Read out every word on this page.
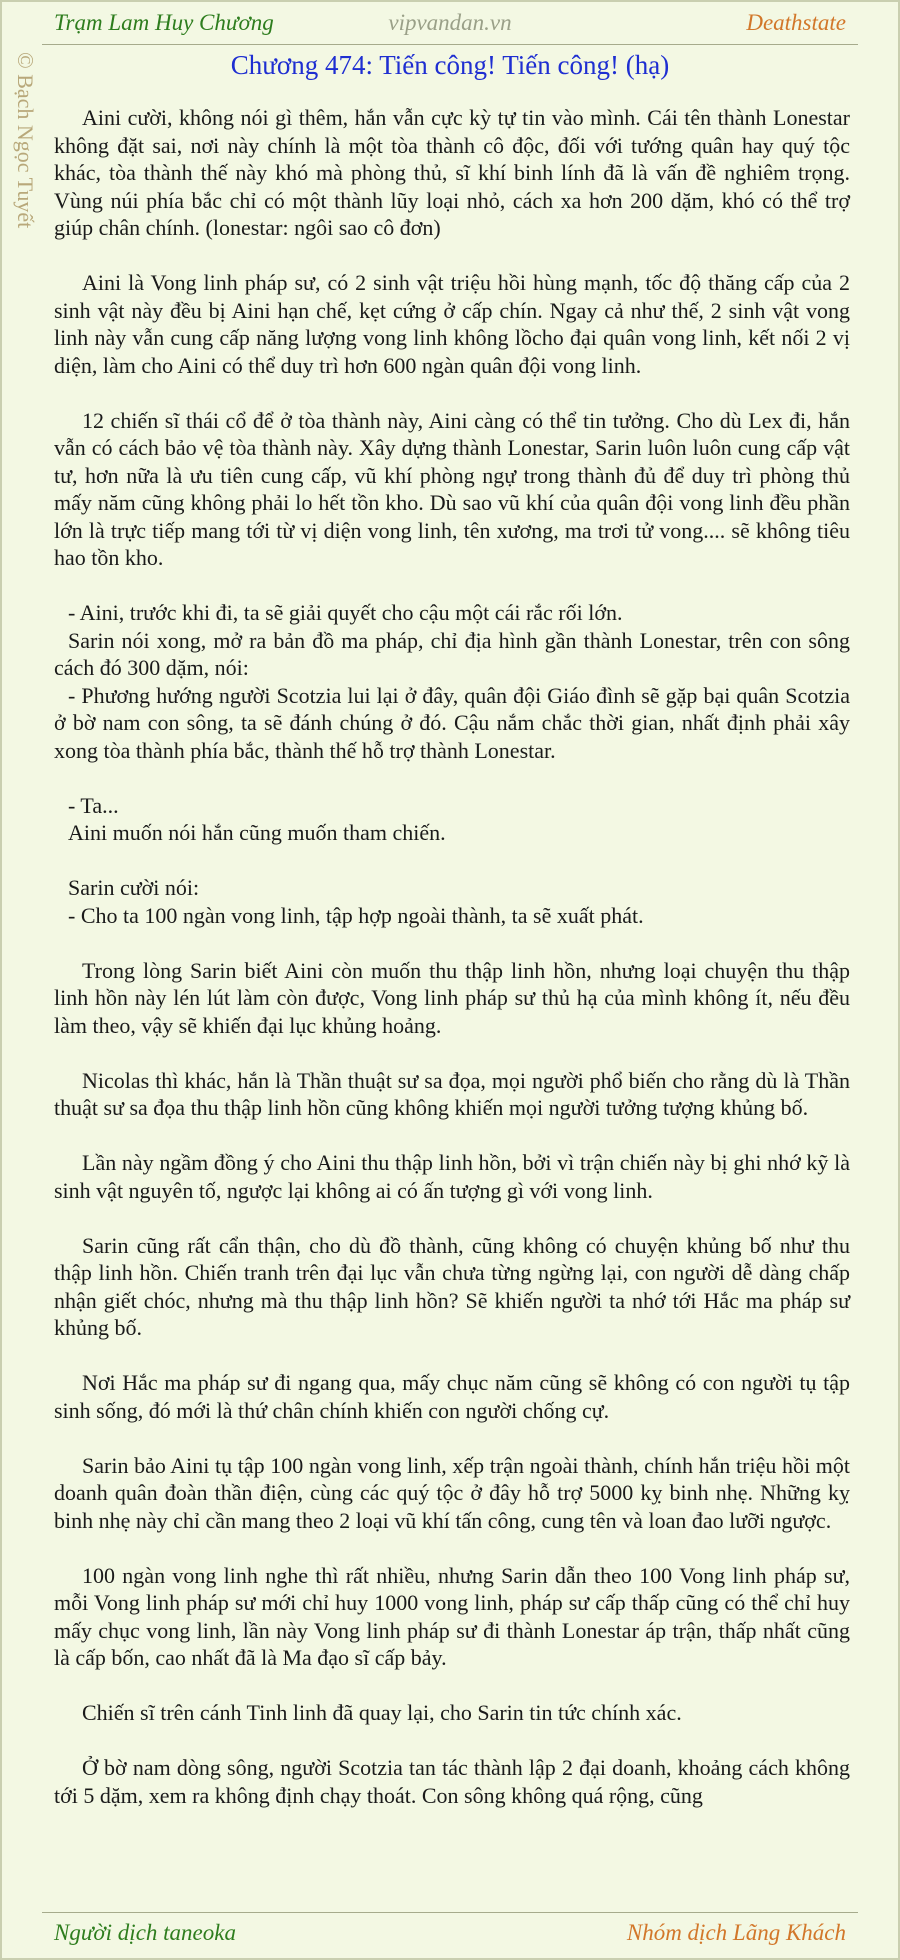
Trạm Lam Huy Chương	vipvandan.vn	Deathstate
© Bạch Ngọc Tuyết	Chương 474: Tiến công! Tiến công! (hạ)

Aini cười, không nói gì thêm, hắn vẫn cực kỳ tự tin vào mình. Cái tên thành Lonestar không đặt sai, nơi này chính là một tòa thành cô độc, đối với tướng quân hay quý tộc khác, tòa thành thế này khó mà phòng thủ, sĩ khí binh lính đã là vấn đề nghiêm trọng. Vùng núi phía bắc chỉ có một thành lũy loại nhỏ, cách xa hơn 200 dặm, khó có thể trợ giúp chân chính. (lonestar: ngôi sao cô đơn)

Aini là Vong linh pháp sư, có 2 sinh vật triệu hồi hùng mạnh, tốc độ thăng cấp của 2 sinh vật này đều bị Aini hạn chế, kẹt cứng ở cấp chín. Ngay cả như thế, 2 sinh vật vong linh này vẫn cung cấp năng lượng vong linh không lồcho đại quân vong linh, kết nối 2 vị diện, làm cho Aini có thể duy trì hơn 600 ngàn quân đội vong linh.

12 chiến sĩ thái cổ để ở tòa thành này, Aini càng có thể tin tưởng. Cho dù Lex đi, hắn vẫn có cách bảo vệ tòa thành này. Xây dựng thành Lonestar, Sarin luôn luôn cung cấp vật tư, hơn nữa là ưu tiên cung cấp, vũ khí phòng ngự trong thành đủ để duy trì phòng thủ mấy năm cũng không phải lo hết tồn kho. Dù sao vũ khí của quân đội vong linh đều phần lớn là trực tiếp mang tới từ vị diện vong linh, tên xương, ma trơi tử vong.... sẽ không tiêu hao tồn kho.

- Aini, trước khi đi, ta sẽ giải quyết cho cậu một cái rắc rối lớn.
Sarin nói xong, mở ra bản đồ ma pháp, chỉ địa hình gần thành Lonestar, trên con sông cách đó 300 dặm, nói:
- Phương hướng người Scotzia lui lại ở đây, quân đội Giáo đình sẽ gặp bại quân Scotzia ở bờ nam con sông, ta sẽ đánh chúng ở đó. Cậu nắm chắc thời gian, nhất định phải xây xong tòa thành phía bắc, thành thế hỗ trợ thành Lonestar.

- Ta...
Aini muốn nói hắn cũng muốn tham chiến.

Sarin cười nói:
- Cho ta 100 ngàn vong linh, tập hợp ngoài thành, ta sẽ xuất phát.

Trong lòng Sarin biết Aini còn muốn thu thập linh hồn, nhưng loại chuyện thu thập linh hồn này lén lút làm còn được, Vong linh pháp sư thủ hạ của mình không ít, nếu đều làm theo, vậy sẽ khiến đại lục khủng hoảng.

Nicolas thì khác, hắn là Thần thuật sư sa đọa, mọi người phổ biến cho rằng dù là Thần thuật sư sa đọa thu thập linh hồn cũng không khiến mọi người tưởng tượng khủng bố.

Lần này ngầm đồng ý cho Aini thu thập linh hồn, bởi vì trận chiến này bị ghi nhớ kỹ là sinh vật nguyên tố, ngược lại không ai có ấn tượng gì với vong linh.

Sarin cũng rất cẩn thận, cho dù đồ thành, cũng không có chuyện khủng bố như thu thập linh hồn. Chiến tranh trên đại lục vẫn chưa từng ngừng lại, con người dễ dàng chấp nhận giết chóc, nhưng mà thu thập linh hồn? Sẽ khiến người ta nhớ tới Hắc ma pháp sư khủng bố.

Nơi Hắc ma pháp sư đi ngang qua, mấy chục năm cũng sẽ không có con người tụ tập sinh sống, đó mới là thứ chân chính khiến con người chống cự.

Sarin bảo Aini tụ tập 100 ngàn vong linh, xếp trận ngoài thành, chính hắn triệu hồi một doanh quân đoàn thần điện, cùng các quý tộc ở đây hỗ trợ 5000 kỵ binh nhẹ. Những kỵ binh nhẹ này chỉ cần mang theo 2 loại vũ khí tấn công, cung tên và loan đao lưỡi ngược.

100 ngàn vong linh nghe thì rất nhiều, nhưng Sarin dẫn theo 100 Vong linh pháp sư, mỗi Vong linh pháp sư mới chỉ huy 1000 vong linh, pháp sư cấp thấp cũng có thể chỉ huy mấy chục vong linh, lần này Vong linh pháp sư đi thành Lonestar áp trận, thấp nhất cũng là cấp bốn, cao nhất đã là Ma đạo sĩ cấp bảy.

Chiến sĩ trên cánh Tinh linh đã quay lại, cho Sarin tin tức chính xác.

Ở bờ nam dòng sông, người Scotzia tan tác thành lập 2 đại doanh, khoảng cách không tới 5 dặm, xem ra không định chạy thoát. Con sông không quá rộng, cũng

Người dịch taneoka	Nhóm dịch Lãng Khách
